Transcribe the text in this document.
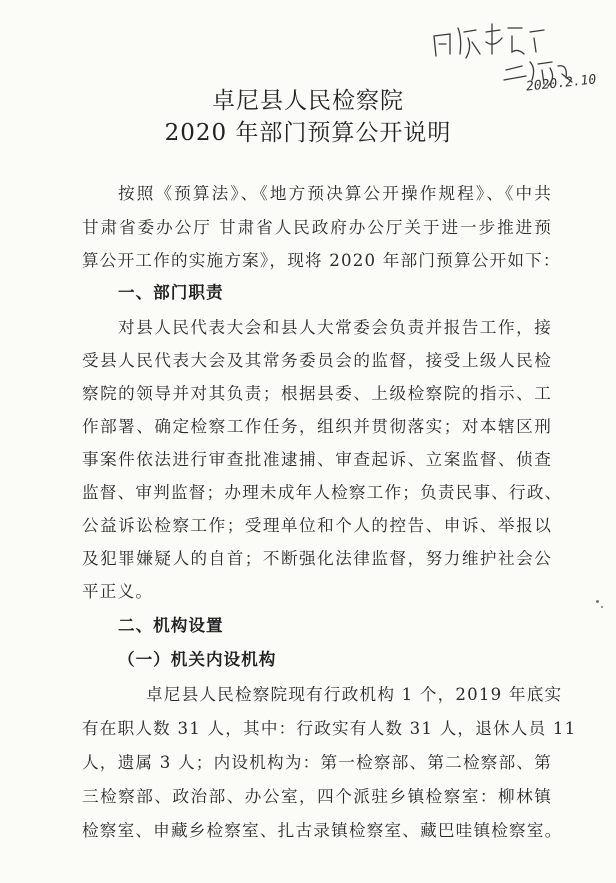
2020.2.10
卓尼县人民检察院
2020 年部门预算公开说明
按照《预算法》、《地方预决算公开操作规程》、《中共
甘肃省委办公厅 甘肃省人民政府办公厅关于进一步推进预
算公开工作的实施方案》，现将 2020 年部门预算公开如下：
一、部门职责
对县人民代表大会和县人大常委会负责并报告工作，接
受县人民代表大会及其常务委员会的监督，接受上级人民检
察院的领导并对其负责；根据县委、上级检察院的指示、工
作部署、确定检察工作任务，组织并贯彻落实；对本辖区刑
事案件依法进行审查批准逮捕、审查起诉、立案监督、侦查
监督、审判监督；办理未成年人检察工作；负责民事、行政、
公益诉讼检察工作；受理单位和个人的控告、申诉、举报以
及犯罪嫌疑人的自首；不断强化法律监督，努力维护社会公
平正义。
二、机构设置
（一）机关内设机构
卓尼县人民检察院现有行政机构 1 个，2019 年底实
有在职人数 31 人，其中：行政实有人数 31 人，退休人员 11
人，遗属 3 人；内设机构为：第一检察部、第二检察部、第
三检察部、政治部、办公室，四个派驻乡镇检察室：柳林镇
检察室、申藏乡检察室、扎古录镇检察室、藏巴哇镇检察室。
